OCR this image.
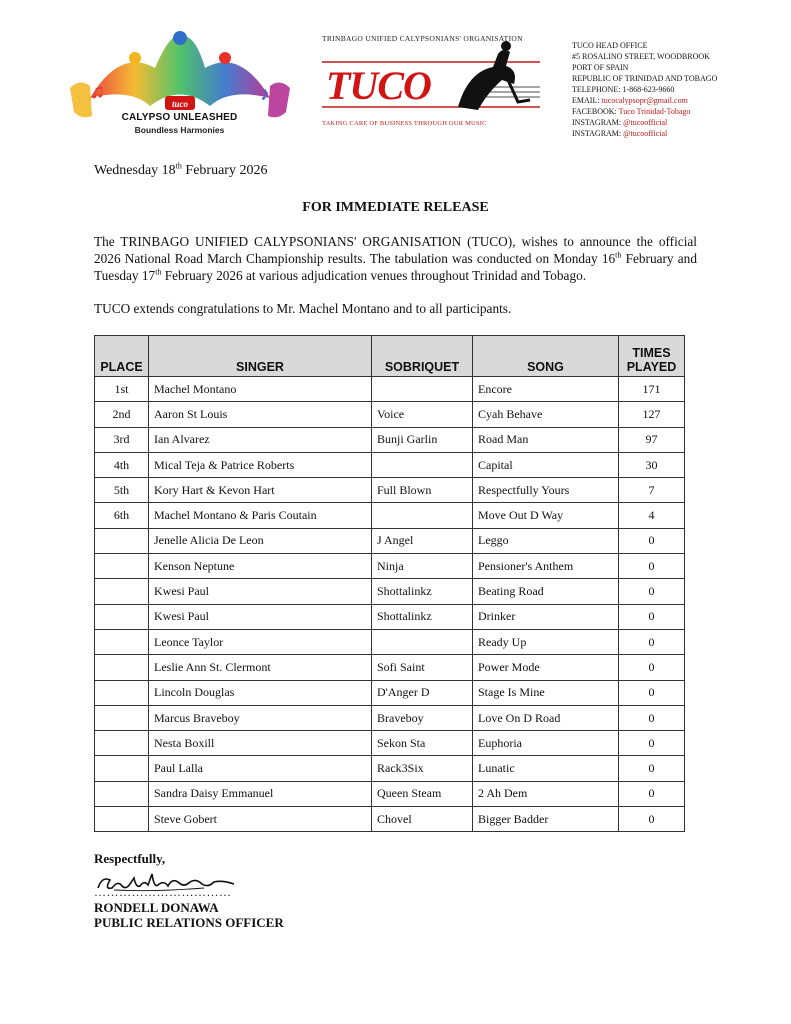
♫	♪
tuco
CALYPSO UNLEASHED
Boundless Harmonies
TRINBAGO UNIFIED CALYPSONIANS' ORGANISATION
TUCO
TAKING CARE OF BUSINESS THROUGH OUR MUSIC
TUCO HEAD OFFICE
#5 ROSALINO STREET, WOODBROOK
PORT OF SPAIN
REPUBLIC OF TRINIDAD AND TOBAGO
TELEPHONE: 1-868-623-9660
EMAIL: tucocalypsopr@gmail.com
FACEBOOK: Tuco Trinidad-Tobago
INSTAGRAM: @tucoofficial
INSTAGRAM: @tucoofficial
Wednesday 18th February 2026
FOR IMMEDIATE RELEASE
The TRINBAGO UNIFIED CALYPSONIANS' ORGANISATION (TUCO), wishes to announce the official 2026 National Road March Championship results. The tabulation was conducted on Monday 16th February and Tuesday 17th February 2026 at various adjudication venues throughout Trinidad and Tobago.
TUCO extends congratulations to Mr. Machel Montano and to all participants.
PLACE	SINGER	SOBRIQUET	SONG	TIMES
PLAYED
1st	Machel Montano		Encore	171
2nd	Aaron St Louis	Voice	Cyah Behave	127
3rd	Ian Alvarez	Bunji Garlin	Road Man	97
4th	Mical Teja & Patrice Roberts		Capital	30
5th	Kory Hart & Kevon Hart	Full Blown	Respectfully Yours	7
6th	Machel Montano & Paris Coutain		Move Out D Way	4
	Jenelle Alicia De Leon	J Angel	Leggo	0
	Kenson Neptune	Ninja	Pensioner's Anthem	0
	Kwesi Paul	Shottalinkz	Beating Road	0
	Kwesi Paul	Shottalinkz	Drinker	0
	Leonce Taylor		Ready Up	0
	Leslie Ann St. Clermont	Sofi Saint	Power Mode	0
	Lincoln Douglas	D'Anger D	Stage Is Mine	0
	Marcus Braveboy	Braveboy	Love On D Road	0
	Nesta Boxill	Sekon Sta	Euphoria	0
	Paul Lalla	Rack3Six	Lunatic	0
	Sandra Daisy Emmanuel	Queen Steam	2 Ah Dem	0
	Steve Gobert	Chovel	Bigger Badder	0
Respectfully,
……………………………
RONDELL DONAWA
PUBLIC RELATIONS OFFICER
